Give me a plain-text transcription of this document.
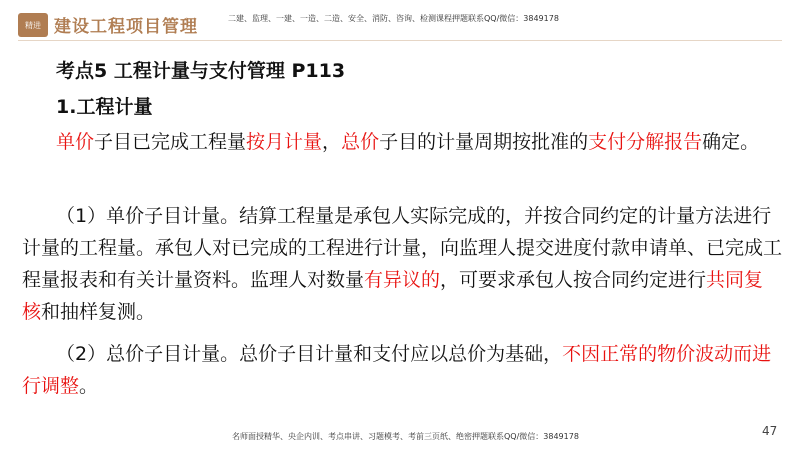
精进 建设工程项目管理	二建、监理、一建、一造、二造、安全、消防、咨询、检测课程押题联系QQ/微信：3849178
考点5 工程计量与支付管理 P113
1.工程计量
单价子目已完成工程量按月计量，总价子目的计量周期按批准的支付分解报告确定。
（1）单价子目计量。结算工程量是承包人实际完成的，并按合同约定的计量方法进行计量的工程量。承包人对已完成的工程进行计量，向监理人提交进度付款申请单、已完成工程量报表和有关计量资料。监理人对数量有异议的，可要求承包人按合同约定进行共同复核和抽样复测。
（2）总价子目计量。总价子目计量和支付应以总价为基础，不因正常的物价波动而进行调整。
名师面授精华、央企内训、考点串讲、习题模考、考前三页纸、绝密押题联系QQ/微信：3849178	47
